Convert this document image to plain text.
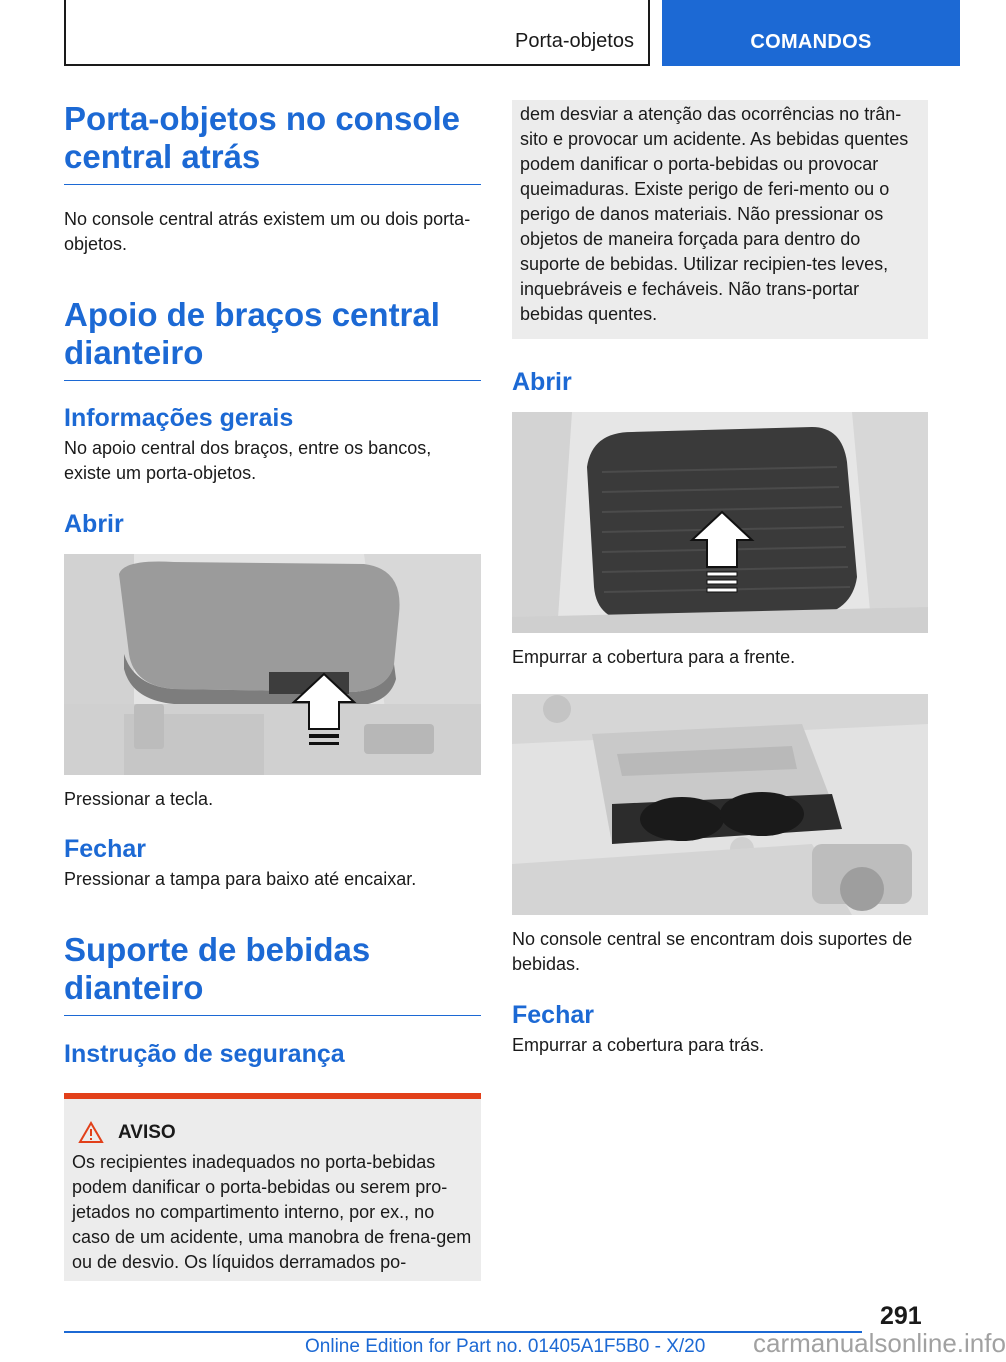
Porta-objetos	COMANDOS
Porta-objetos no console central atrás

No console central atrás existem um ou dois porta-objetos.

Apoio de braços central dianteiro
Informações gerais

No apoio central dos braços, entre os bancos, existe um porta-objetos.

Abrir

Pressionar a tecla.

Fechar

Pressionar a tampa para baixo até encaixar.

Suporte de bebidas dianteiro
Instrução de segurança
AVISO

Os recipientes inadequados no porta-bebidas podem danificar o porta-bebidas ou serem pro-jetados no compartimento interno, por ex., no caso de um acidente, uma manobra de frena-gem ou de desvio. Os líquidos derramados po-

dem desviar a atenção das ocorrências no trân-sito e provocar um acidente. As bebidas quentes podem danificar o porta-bebidas ou provocar queimaduras. Existe perigo de feri-mento ou o perigo de danos materiais. Não pressionar os objetos de maneira forçada para dentro do suporte de bebidas. Utilizar recipien-tes leves, inquebráveis e fecháveis. Não trans-portar bebidas quentes.

Abrir

Empurrar a cobertura para a frente.

No console central se encontram dois suportes de bebidas.

Fechar

Empurrar a cobertura para trás.

291
Online Edition for Part no. 01405A1F5B0 - X/20 carmanualsonline.info
